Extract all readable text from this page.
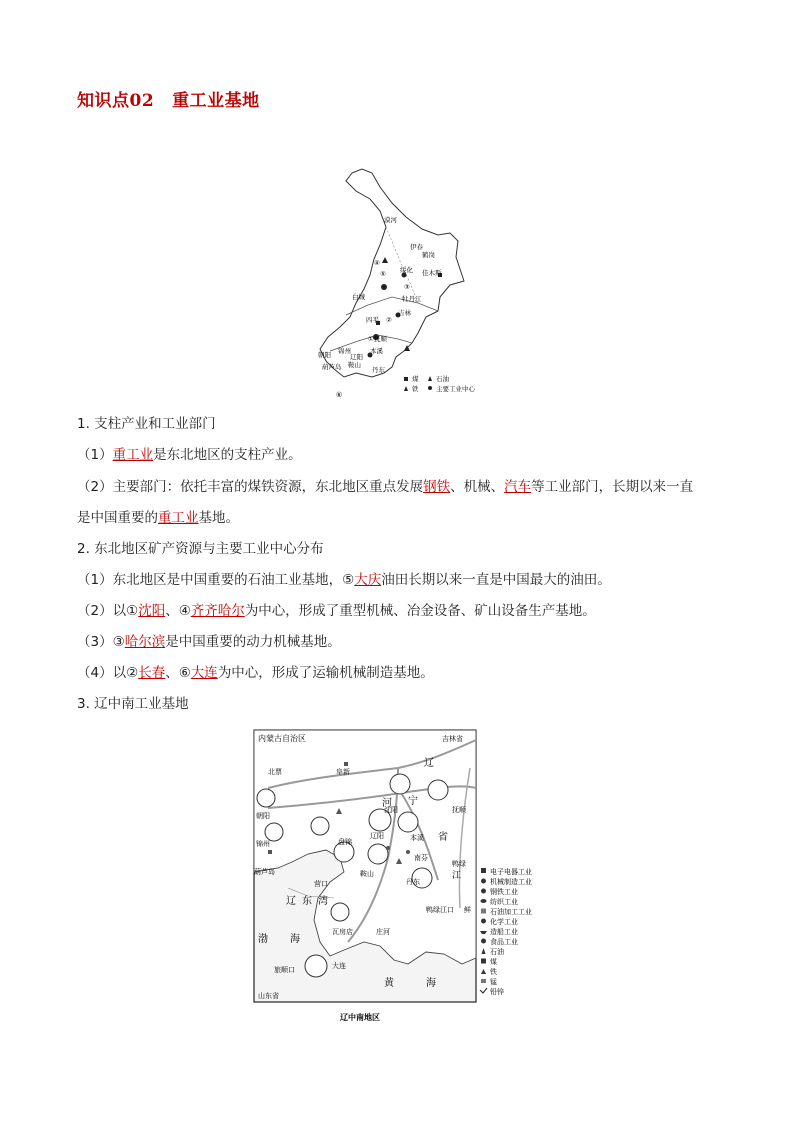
知识点02 重工业基地
漠河
伊春
鹤岗
④
绥化 佳木斯
⑤
③
牡丹江
白城
吉林
四平 ②
①抚顺
朝阳 锦州
辽阳
本溪
鞍山
葫芦岛	丹东
⑥
煤	石油
铁	主要工业中心
1. 支柱产业和工业部门
（1）重工业是东北地区的支柱产业。
（2）主要部门：依托丰富的煤铁资源，东北地区重点发展钢铁、机械、汽车等工业部门，长期以来一直
是中国重要的重工业基地。
2. 东北地区矿产资源与主要工业中心分布
（1）东北地区是中国重要的石油工业基地，⑤大庆油田长期以来一直是中国最大的油田。
（2）以①沈阳、④齐齐哈尔为中心，形成了重型机械、冶金设备、矿山设备生产基地。
（3）③哈尔滨是中国重要的动力机械基地。
（4）以②长春、⑥大连为中心，形成了运输机械制造基地。
3. 辽中南工业基地
内蒙古自治区	吉林省
北票	阜新
辽
河 宁
省
抚顺
朝阳
沈阳
锦州
本溪
盘锦
辽阳
南芬
葫芦岛	鞍山
营口
辽 东 湾
鸭绿
丹东
江
瓦房店	庄河
鸭绿江口
渤 海
鲜
旅顺口	大连
黄	海
山东省
电子电器工业
机械制造工业
钢铁工业
纺织工业
石油加工工业
化学工业
造船工业
食品工业
石油
煤
铁
锰
铅锌
辽中南地区
